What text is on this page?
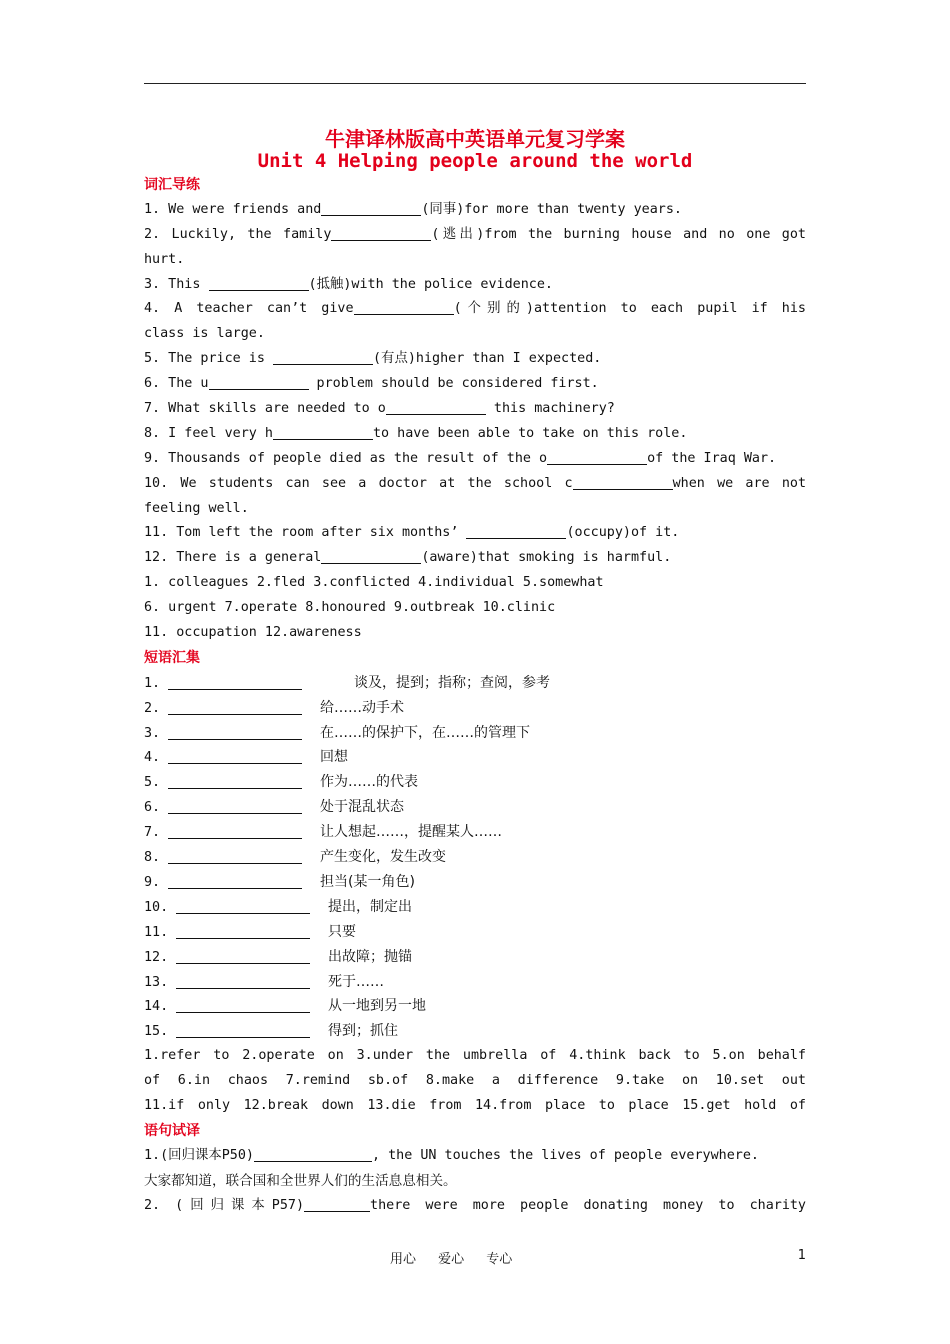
牛津译林版高中英语单元复习学案
Unit 4 Helping people around the world
词汇导练
1. We were friends and	(同事)for more than twenty years.
2. Luckily, the family	(逃出)from the burning house and no one got
hurt.
3. This	(抵触)with the police evidence.
4. A teacher can’t give	(个别的)attention to each pupil if his
class is large.
5. The price is	(有点)higher than I expected.
6. The u	problem should be considered first.
7. What skills are needed to o	this machinery?
8. I feel very h	to have been able to take on this role.
9. Thousands of people died as the result of the o	of the Iraq War.
10. We students can see a doctor at the school c	when we are not
feeling well.
11. Tom left the room after six months’	(occupy)of it.
12. There is a general	(aware)that smoking is harmful.
1. colleagues 2.fled 3.conflicted 4.individual 5.somewhat
6. urgent 7.operate 8.honoured 9.outbreak 10.clinic
11. occupation 12.awareness
短语汇集
1.	谈及，提到；指称；查阅，参考
2.	给……动手术
3.	在……的保护下，在……的管理下
4.	回想
5.	作为……的代表
6.	处于混乱状态
7.	让人想起……，提醒某人……
8.	产生变化，发生改变
9.	担当(某一角色)
10.	提出，制定出
11.	只要
12.	出故障；抛锚
13.	死于……
14.	从一地到另一地
15.	得到；抓住
1.refer to 2.operate on 3.under the umbrella of 4.think back to 5.on behalf
of 6.in chaos 7.remind sb.of 8.make a difference 9.take on 10.set out
11.if only 12.break down 13.die from 14.from place to place 15.get hold of
语句试译
1.(回归课本P50)	, the UN touches the lives of people everywhere.
大家都知道，联合国和全世界人们的生活息息相关。
2. (回归课本P57)	there were more people donating money to charity
用心 爱心 专心	1
